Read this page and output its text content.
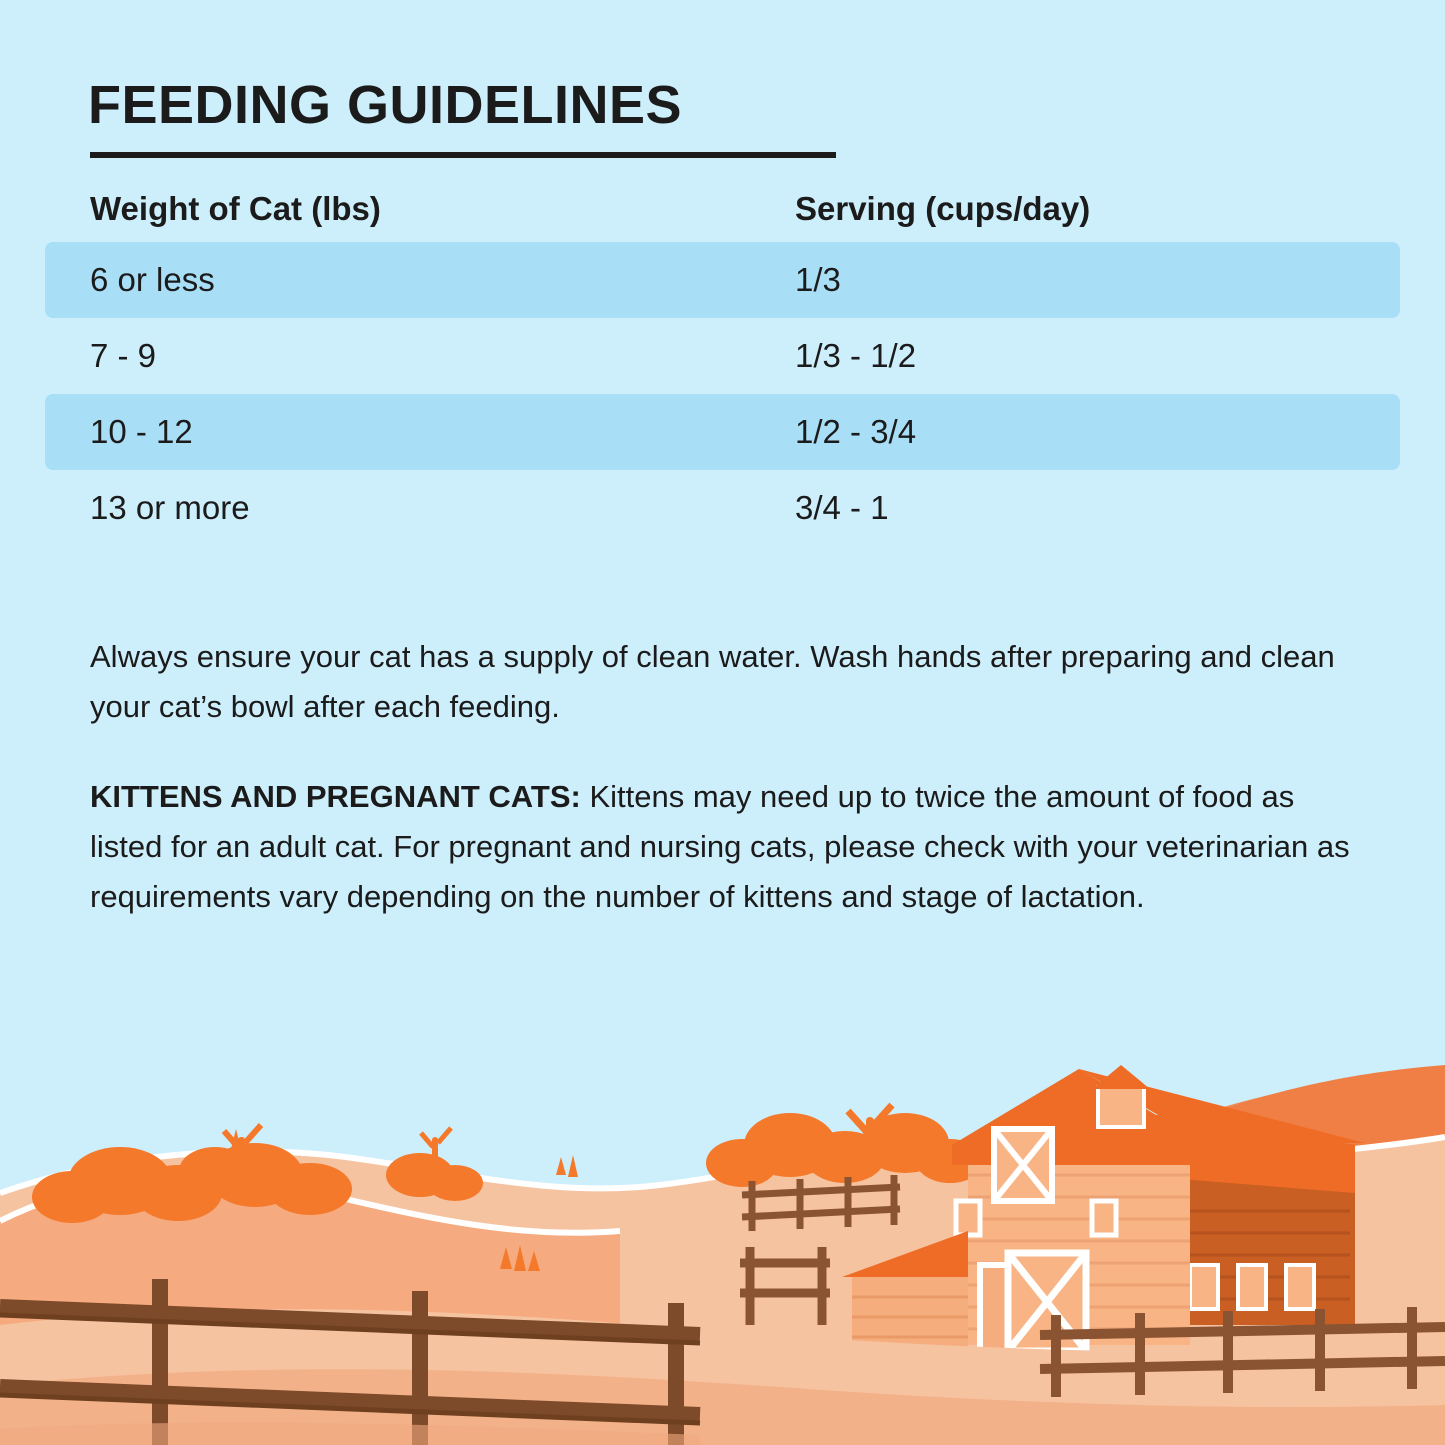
FEEDING GUIDELINES
Weight of Cat (lbs)	Serving (cups/day)
6 or less	1/3
7 - 9	1/3 - 1/2
10 - 12	1/2 - 3/4
13 or more	3/4 - 1
Always ensure your cat has a supply of clean water. Wash hands after preparing and clean your cat’s bowl after each feeding.
KITTENS AND PREGNANT CATS: Kittens may need up to twice the amount of food as listed for an adult cat. For pregnant and nursing cats, please check with your veterinarian as requirements vary depending on the number of kittens and stage of lactation.
